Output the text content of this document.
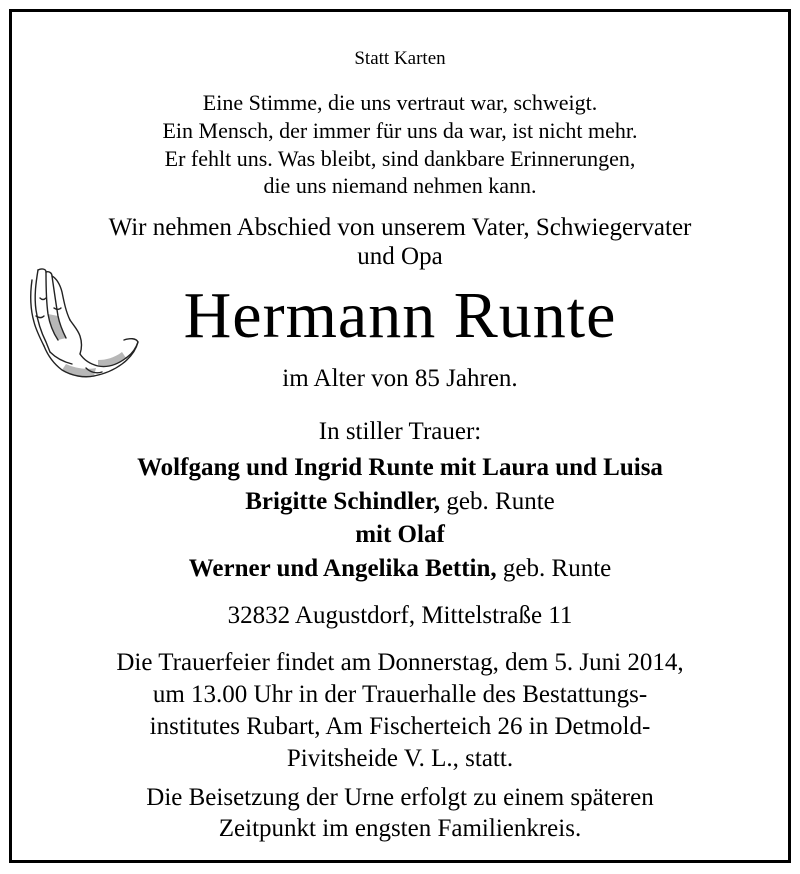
Statt Karten
Eine Stimme, die uns vertraut war, schweigt.
Ein Mensch, der immer für uns da war, ist nicht mehr.
Er fehlt uns. Was bleibt, sind dankbare Erinnerungen,
die uns niemand nehmen kann.
Wir nehmen Abschied von unserem Vater, Schwiegervater
und Opa
Hermann Runte
im Alter von 85 Jahren.
In stiller Trauer:
Wolfgang und Ingrid Runte mit Laura und Luisa
Brigitte Schindler, geb. Runte
mit Olaf
Werner und Angelika Bettin, geb. Runte
32832 Augustdorf, Mittelstraße 11
Die Trauerfeier findet am Donnerstag, dem 5. Juni 2014,
um 13.00 Uhr in der Trauerhalle des Bestattungs-
institutes Rubart, Am Fischerteich 26 in Detmold-
Pivitsheide V. L., statt.
Die Beisetzung der Urne erfolgt zu einem späteren
Zeitpunkt im engsten Familienkreis.
